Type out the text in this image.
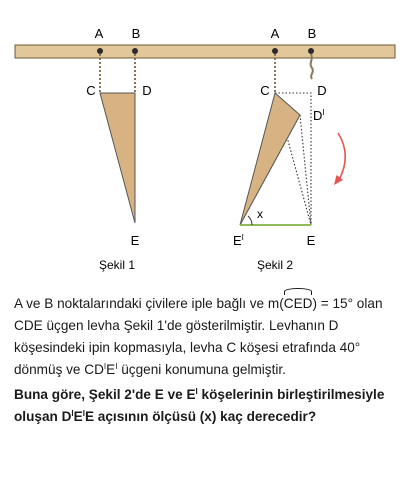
A B
C	D
E
Şekil 1
A B
C	D
$D^I$
$E^I$	E
x
Şekil 2

A ve B noktalarındaki çivilere iple bağlı ve m(CED) = 15° olan CDE üçgen levha Şekil 1'de gösterilmiştir. Levhanın D köşesindeki ipin kopmasıyla, levha C köşesi etrafında 40° dönmüş ve $CD^IE^I$ üçgeni konumuna gelmiştir.

Buna göre, Şekil 2'de E ve $E^I$ köşelerinin birleştirilmesiyle oluşan $D^IE^IE$ açısının ölçüsü (x) kaç derecedir?
